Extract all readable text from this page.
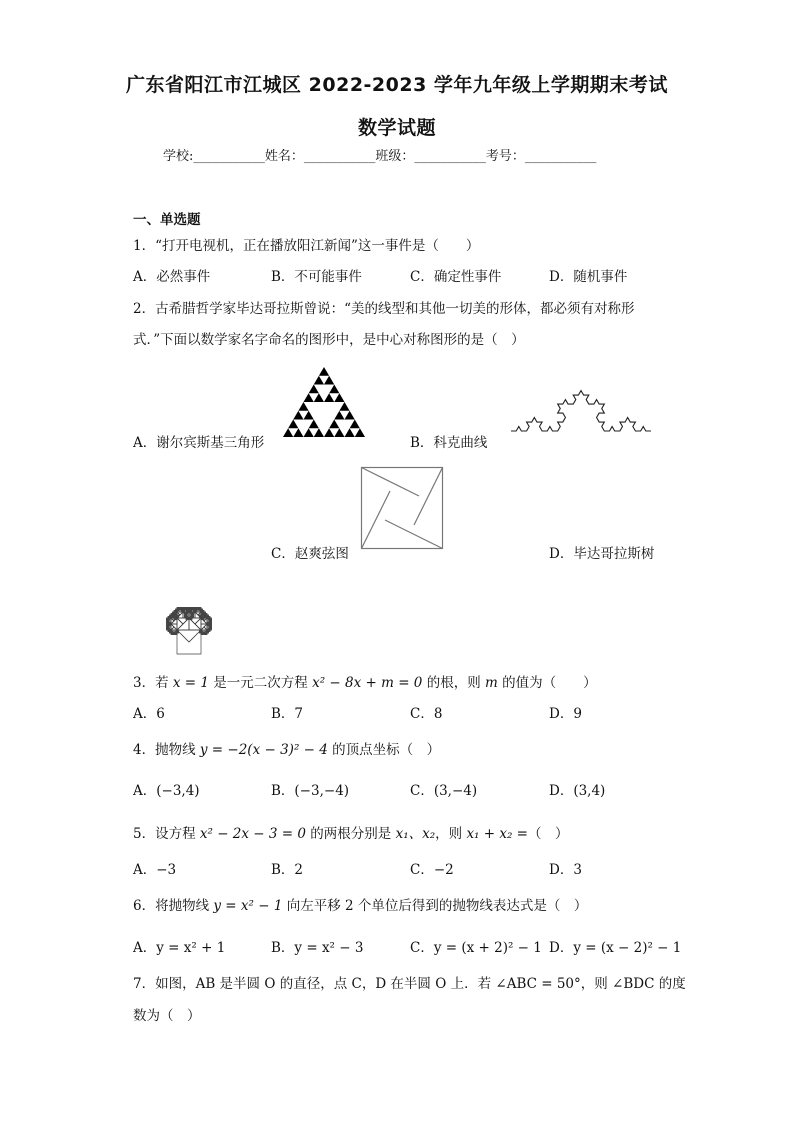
广东省阳江市江城区 2022-2023 学年九年级上学期期末考试
数学试题
学校:___________姓名：___________班级：___________考号：___________
一、单选题
1．“打开电视机，正在播放阳江新闻”这一事件是（　　）
A．必然事件	B．不可能事件	C．确定性事件	D．随机事件
2．古希腊哲学家毕达哥拉斯曾说：“美的线型和其他一切美的形体，都必须有对称形
式．”下面以数学家名字命名的图形中，是中心对称图形的是（　）
A．谢尔宾斯基三角形	B．科克曲线
C．赵爽弦图	D．毕达哥拉斯树
3．若 x = 1 是一元二次方程 x² − 8x + m = 0 的根，则 m 的值为（　　）
A．6	B．7	C．8	D．9
4．抛物线 y = −2(x − 3)² − 4 的顶点坐标（　）
A．(−3,4)	B．(−3,−4)	C．(3,−4)	D．(3,4)
5．设方程 x² − 2x − 3 = 0 的两根分别是 x₁、x₂，则 x₁ + x₂ =（　）
A．−3	B．2	C．−2	D．3
6．将抛物线 y = x² − 1 向左平移 2 个单位后得到的抛物线表达式是（　）
A．y = x² + 1	B．y = x² − 3	C．y = (x + 2)² − 1 D．y = (x − 2)² − 1
7．如图，AB 是半圆 O 的直径，点 C，D 在半圆 O 上．若 ∠ABC = 50°，则 ∠BDC 的度
数为（　）
